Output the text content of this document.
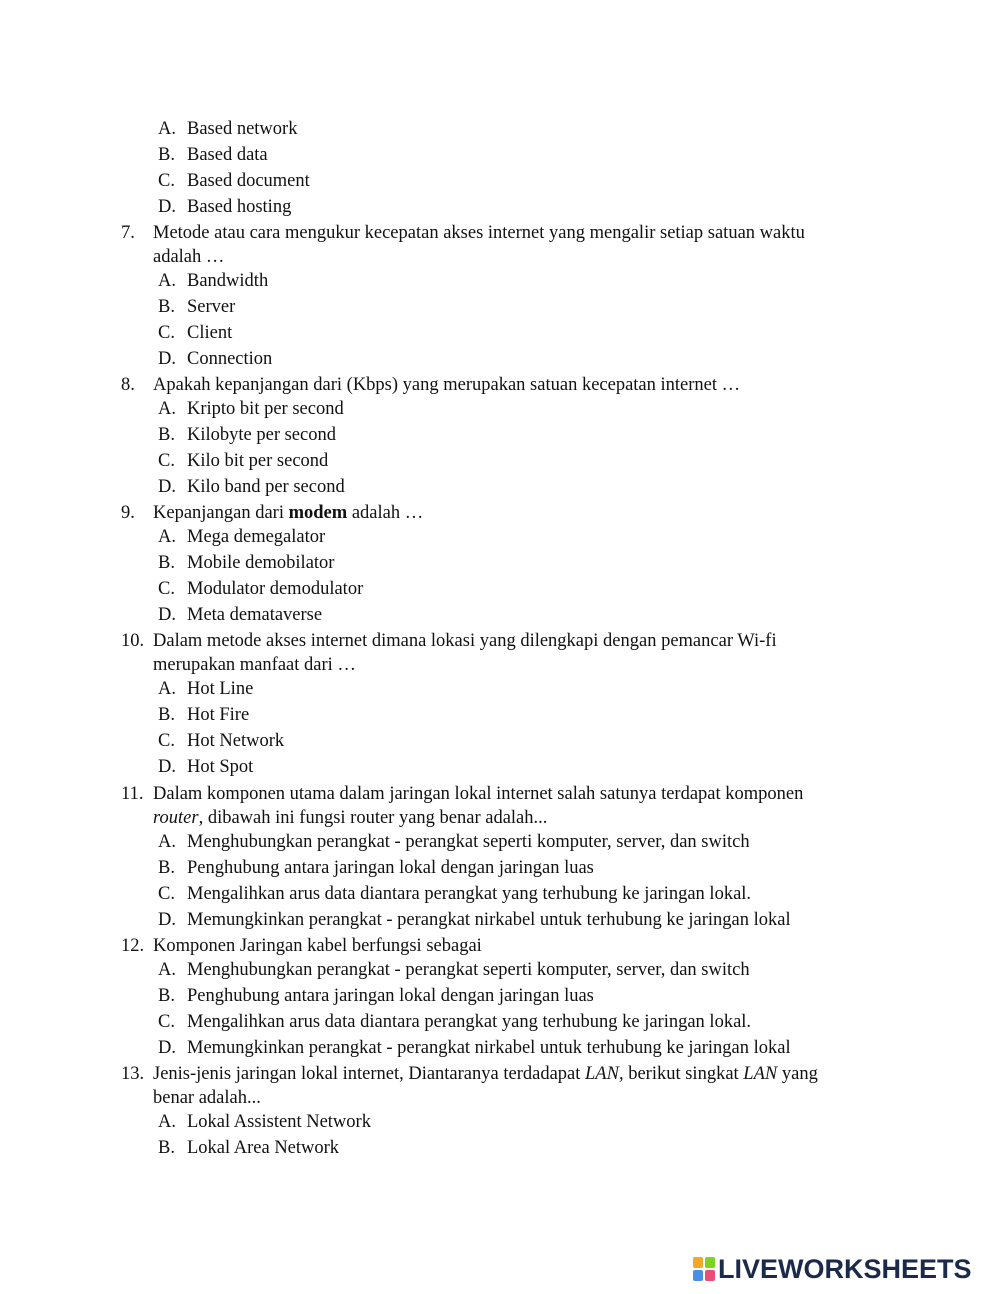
A. Based network
B. Based data
C. Based document
D. Based hosting
7. Metode atau cara mengukur kecepatan akses internet yang mengalir setiap satuan waktu
adalah …
A. Bandwidth
B. Server
C. Client
D. Connection
8. Apakah kepanjangan dari (Kbps) yang merupakan satuan kecepatan internet …
A. Kripto bit per second
B. Kilobyte per second
C. Kilo bit per second
D. Kilo band per second
9. Kepanjangan dari modem adalah …
A. Mega demegalator
B. Mobile demobilator
C. Modulator demodulator
D. Meta demataverse
10. Dalam metode akses internet dimana lokasi yang dilengkapi dengan pemancar Wi-fi
merupakan manfaat dari …
A. Hot Line
B. Hot Fire
C. Hot Network
D. Hot Spot
11. Dalam komponen utama dalam jaringan lokal internet salah satunya terdapat komponen
router, dibawah ini fungsi router yang benar adalah...
A. Menghubungkan perangkat - perangkat seperti komputer, server, dan switch
B. Penghubung antara jaringan lokal dengan jaringan luas
C. Mengalihkan arus data diantara perangkat yang terhubung ke jaringan lokal.
D. Memungkinkan perangkat - perangkat nirkabel untuk terhubung ke jaringan lokal
12. Komponen Jaringan kabel berfungsi sebagai
A. Menghubungkan perangkat - perangkat seperti komputer, server, dan switch
B. Penghubung antara jaringan lokal dengan jaringan luas
C. Mengalihkan arus data diantara perangkat yang terhubung ke jaringan lokal.
D. Memungkinkan perangkat - perangkat nirkabel untuk terhubung ke jaringan lokal
13. Jenis-jenis jaringan lokal internet, Diantaranya terdadapat LAN, berikut singkat LAN yang
benar adalah...
A. Lokal Assistent Network
B. Lokal Area Network
LIVEWORKSHEETS
